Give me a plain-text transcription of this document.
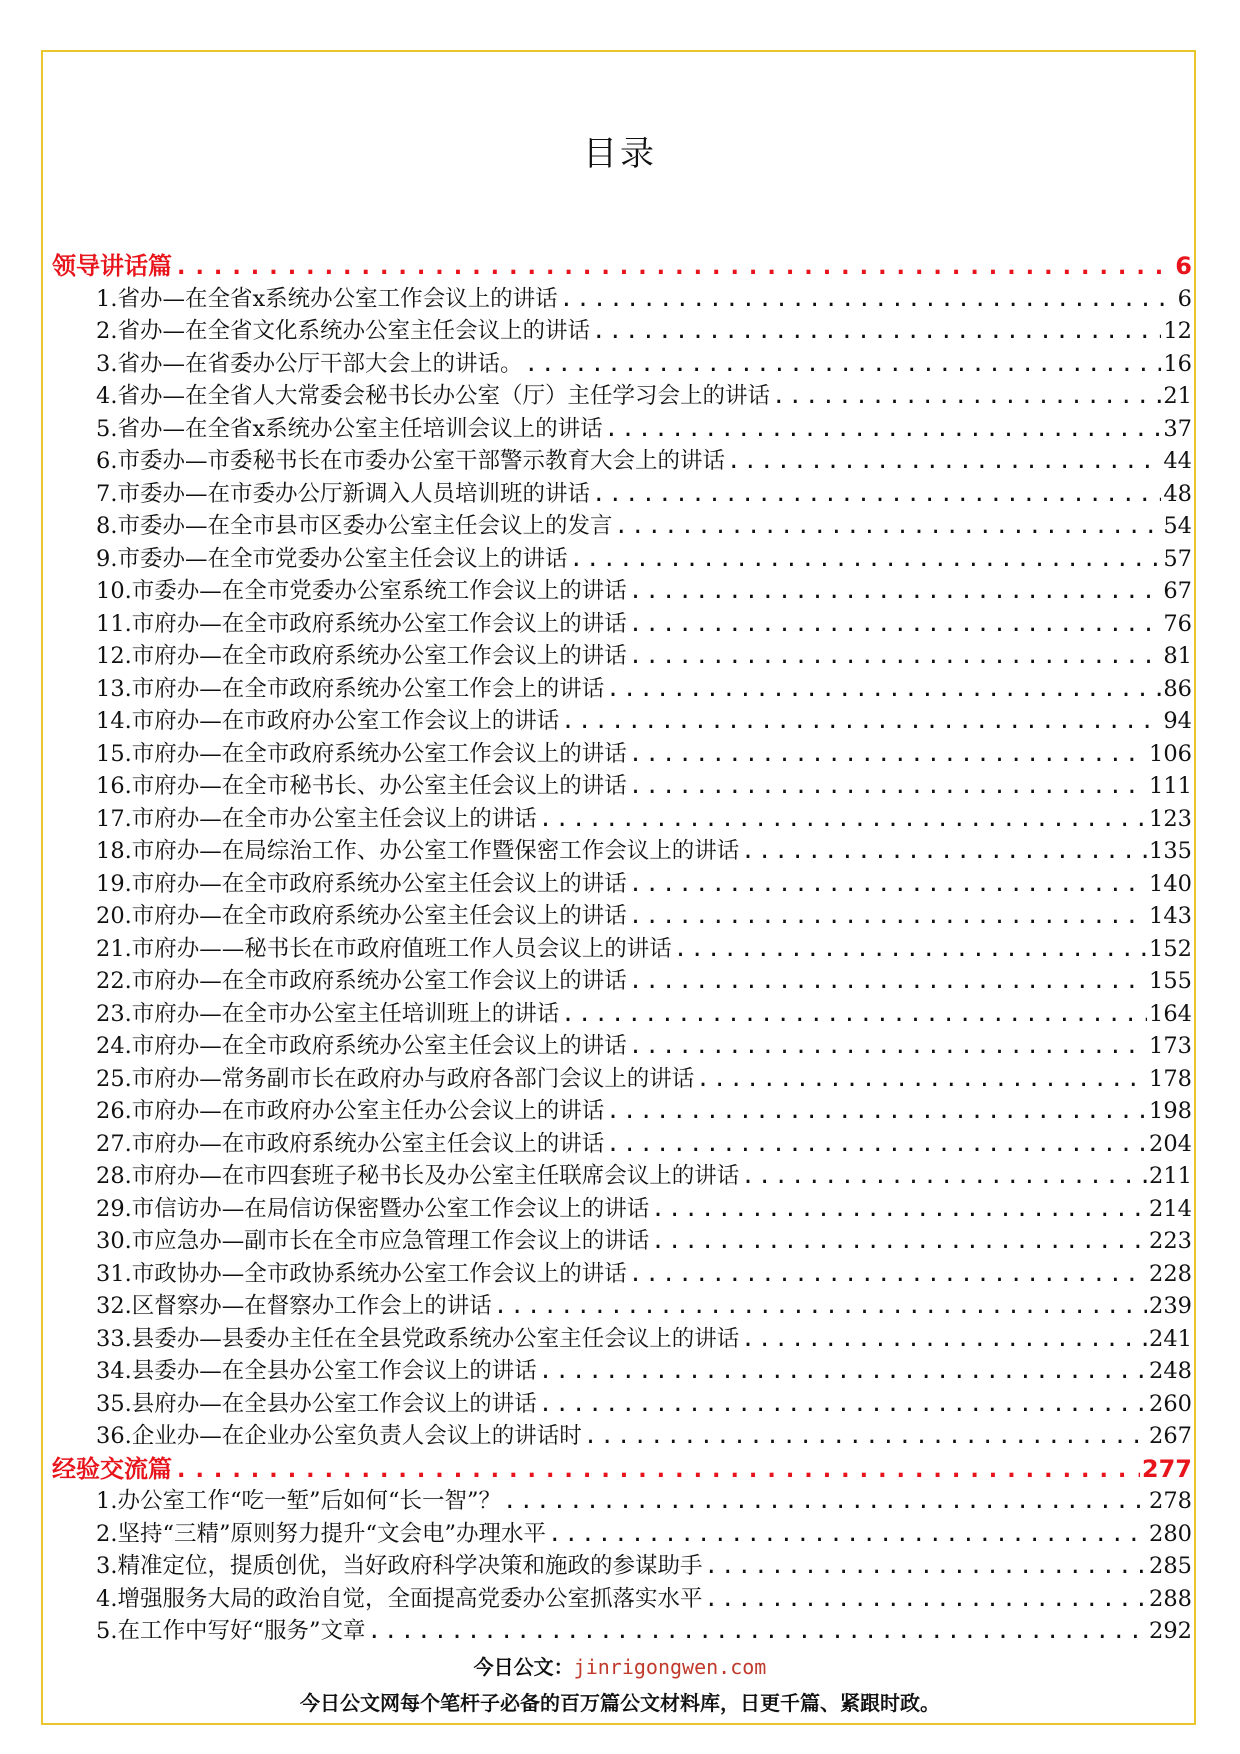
目录
领导讲话篇 .....	6
1.省办—在全省x系统办公室工作会议上的讲话 .....	6
2.省办—在全省文化系统办公室主任会议上的讲话 .....	12
3.省办—在省委办公厅干部大会上的讲话。 .....	16
4.省办—在全省人大常委会秘书长办公室（厅）主任学习会上的讲话 .....	21
5.省办—在全省x系统办公室主任培训会议上的讲话 .....	37
6.市委办—市委秘书长在市委办公室干部警示教育大会上的讲话 .....	44
7.市委办—在市委办公厅新调入人员培训班的讲话 .....	48
8.市委办—在全市县市区委办公室主任会议上的发言 .....	54
9.市委办—在全市党委办公室主任会议上的讲话 .....	57
10.市委办—在全市党委办公室系统工作会议上的讲话 .....	67
11.市府办—在全市政府系统办公室工作会议上的讲话 .....	76
12.市府办—在全市政府系统办公室工作会议上的讲话 .....	81
13.市府办—在全市政府系统办公室工作会上的讲话 .....	86
14.市府办—在市政府办公室工作会议上的讲话 .....	94
15.市府办—在全市政府系统办公室工作会议上的讲话 .....	106
16.市府办—在全市秘书长、办公室主任会议上的讲话 .....	111
17.市府办—在全市办公室主任会议上的讲话 .....	123
18.市府办—在局综治工作、办公室工作暨保密工作会议上的讲话 .....	135
19.市府办—在全市政府系统办公室主任会议上的讲话 .....	140
20.市府办—在全市政府系统办公室主任会议上的讲话 .....	143
21.市府办——秘书长在市政府值班工作人员会议上的讲话 .....	152
22.市府办—在全市政府系统办公室工作会议上的讲话 .....	155
23.市府办—在全市办公室主任培训班上的讲话 .....	164
24.市府办—在全市政府系统办公室主任会议上的讲话 .....	173
25.市府办—常务副市长在政府办与政府各部门会议上的讲话 .....	178
26.市府办—在市政府办公室主任办公会议上的讲话 .....	198
27.市府办—在市政府系统办公室主任会议上的讲话 .....	204
28.市府办—在市四套班子秘书长及办公室主任联席会议上的讲话 .....	211
29.市信访办—在局信访保密暨办公室工作会议上的讲话 .....	214
30.市应急办—副市长在全市应急管理工作会议上的讲话 .....	223
31.市政协办—全市政协系统办公室工作会议上的讲话 .....	228
32.区督察办—在督察办工作会上的讲话 .....	239
33.县委办—县委办主任在全县党政系统办公室主任会议上的讲话 .....	241
34.县委办—在全县办公室工作会议上的讲话 .....	248
35.县府办—在全县办公室工作会议上的讲话 .....	260
36.企业办—在企业办公室负责人会议上的讲话时 .....	267
经验交流篇 .....	277
1.办公室工作“吃一堑”后如何“长一智”？ .....	278
2.坚持“三精”原则努力提升“文会电”办理水平 .....	280
3.精准定位，提质创优，当好政府科学决策和施政的参谋助手 .....	285
4.增强服务大局的政治自觉，全面提高党委办公室抓落实水平 .....	288
5.在工作中写好“服务”文章 .....	292
今日公文：jinrigongwen.com
今日公文网每个笔杆子必备的百万篇公文材料库，日更千篇、紧跟时政。
